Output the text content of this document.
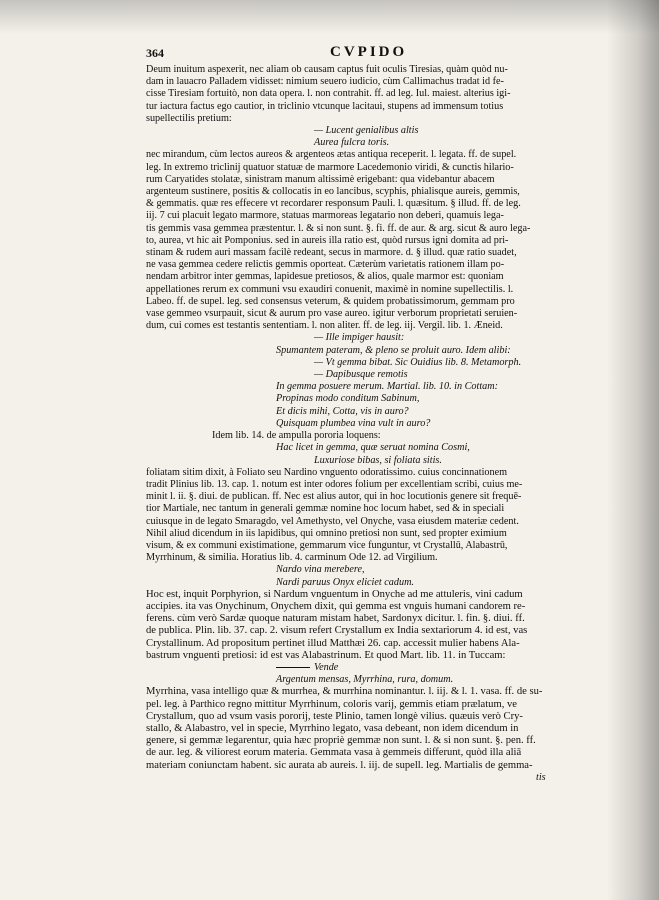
364	CVPIDO
Deum inuitum aspexerit, nec aliam ob causam captus fuit oculis Tiresias, quàm quòd nu-
dam in lauacro Palladem vidisset: nimium seuero iudicio, cùm Callimachus tradat id fe-
cisse Tiresiam fortuitò, non data opera. l. non contrahit. ff. ad leg. Iul. maiest. alterius igi-
tur iactura factus ego cautior, in triclinio vtcunque lacitaui, stupens ad immensum totius
supellectilis pretium:
— Lucent genialibus altis
Aurea fulcra toris.
nec mirandum, cùm lectos aureos & argenteos ætas antiqua receperit. l. legata. ff. de supel.
leg. In extremo triclinij quatuor statuæ de marmore Lacedemonio viridi, & cunctis hilario-
rum Caryatides stolatæ, sinistram manum altissimè erigebant: qua videbantur abacem
argenteum sustinere, positis & collocatis in eo lancibus, scyphis, phialisque aureis, gemmis,
& gemmatis. quæ res effecere vt recordarer responsum Pauli. l. quæsitum. § illud. ff. de leg.
iij. 7 cui placuit legato marmore, statuas marmoreas legatario non deberi, quamuis lega-
tis gemmis vasa gemmea præstentur. l. & si non sunt. §. fi. ff. de aur. & arg. sicut & auro lega-
to, aurea, vt hic ait Pomponius. sed in aureis illa ratio est, quòd rursus igni domita ad pri-
stinam & rudem auri massam facilè redeant, secus in marmore. d. § illud. quæ ratio suadet,
ne vasa gemmea cedere relictis gemmis oporteat. Cæterùm varietatis rationem illam po-
nendam arbitror inter gemmas, lapidesue pretiosos, & alios, quale marmor est: quoniam
appellationes rerum ex communi vsu exaudiri conuenit, maximè in nomine supellectilis. l.
Labeo. ff. de supel. leg. sed consensus veterum, & quidem probatissimorum, gemmam pro
vase gemmeo vsurpauit, sicut & aurum pro vase aureo. igitur verborum proprietati seruien-
dum, cui comes est testantis sententiam. l. non aliter. ff. de leg. iij. Vergil. lib. 1. Æneid.
— Ille impiger hausit:
Spumantem pateram, & pleno se proluit auro. Idem alibi:
— Vt gemma bibat. Sic Ouidius lib. 8. Metamorph.
— Dapibusque remotis
In gemma posuere merum. Martial. lib. 10. in Cottam:
Propinas modo conditum Sabinum,
Et dicis mihi, Cotta, vis in auro?
Quisquam plumbea vina vult in auro?
Idem lib. 14. de ampulla pororia loquens:
Hac licet in gemma, quæ seruat nomina Cosmi,
Luxuriose bibas, si foliata sitis.
foliatam sitim dixit, à Foliato seu Nardino vnguento odoratissimo. cuius concinnationem
tradit Plinius lib. 13. cap. 1. notum est inter odores folium per excellentiam scribi, cuius me-
minit l. ii. §. diui. de publican. ff. Nec est alius autor, qui in hoc locutionis genere sit frequē-
tior Martiale, nec tantum in generali gemmæ nomine hoc locum habet, sed & in speciali
cuiusque in de legato Smaragdo, vel Amethysto, vel Onyche, vasa eiusdem materiæ cedent.
Nihil aliud dicendum in iis lapidibus, qui omnino pretiosi non sunt, sed propter eximium
visum, & ex communi existimatione, gemmarum vice funguntur, vt Crystallū, Alabastrū,
Myrrhinum, & similia. Horatius lib. 4. carminum Ode 12. ad Virgilium.
Nardo vina merebere,
Nardi paruus Onyx eliciet cadum.
Hoc est, inquit Porphyrion, si Nardum vnguentum in Onyche ad me attuleris, vini cadum
accipies. ita vas Onychinum, Onychem dixit, qui gemma est vnguis humani candorem re-
ferens. cùm verò Sardæ quoque naturam mistam habet, Sardonyx dicitur. l. fin. §. diui. ff.
de publica. Plin. lib. 37. cap. 2. visum refert Crystallum ex India sextariorum 4. id est, vas
Crystallinum. Ad propositum pertinet illud Matthæi 26. cap. accessit mulier habens Ala-
bastrum vnguenti pretiosi: id est vas Alabastrinum. Et quod Mart. lib. 11. in Tuccam:
Vende
Argentum mensas, Myrrhina, rura, domum.
Myrrhina, vasa intelligo quæ & murrhea, & murrhina nominantur. l. iij. & l. 1. vasa. ff. de su-
pel. leg. à Parthico regno mittitur Myrrhinum, coloris varij, gemmis etiam prælatum, ve
Crystallum, quo ad vsum vasis pororij, teste Plinio, tamen longè vilius. quæuis verò Cry-
stallo, & Alabastro, vel in specie, Myrrhino legato, vasa debeant, non idem dicendum in
genere, si gemmæ legarentur, quia hæc propriè gemmæ non sunt. l. & si non sunt. §. pen. ff.
de aur. leg. & viliorest eorum materia. Gemmata vasa à gemmeis differunt, quòd illa aliā
materiam coniunctam habent. sic aurata ab aureis. l. iij. de supell. leg. Martialis de gemma-
tis
